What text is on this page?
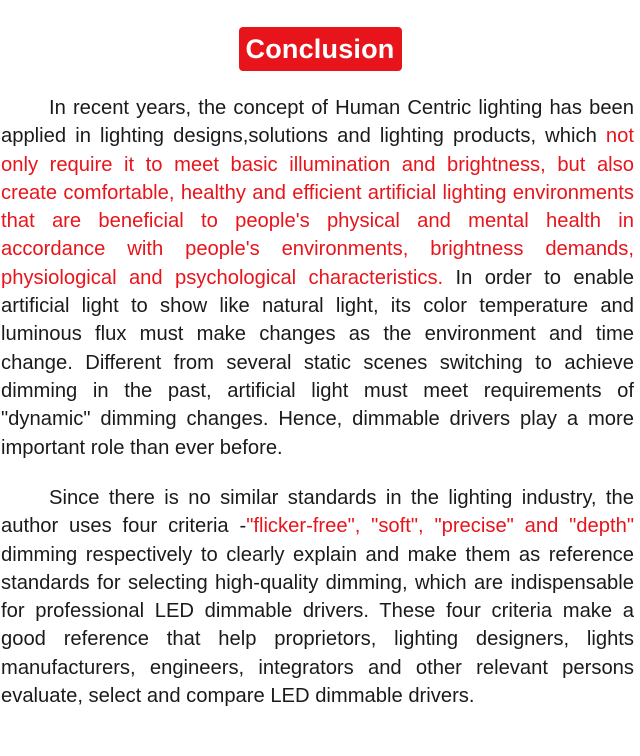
Conclusion

In recent years, the concept of Human Centric lighting has been applied in lighting designs,solutions and lighting products, which not only require it to meet basic illumination and brightness, but also create comfortable, healthy and efficient artificial lighting environments that are beneficial to people's physical and mental health in accordance with people's environments, brightness demands, physiological and psychological characteristics. In order to enable artificial light to show like natural light, its color temperature and luminous flux must make changes as the environment and time change. Different from several static scenes switching to achieve dimming in the past, artificial light must meet requirements of "dynamic" dimming changes. Hence, dimmable drivers play a more important role than ever before.

Since there is no similar standards in the lighting industry, the author uses four criteria -"flicker-free", "soft", "precise" and "depth" dimming respectively to clearly explain and make them as reference standards for selecting high-quality dimming, which are indispensable for professional LED dimmable drivers. These four criteria make a good reference that help proprietors, lighting designers, lights manufacturers, engineers, integrators and other relevant persons evaluate, select and compare LED dimmable drivers.
